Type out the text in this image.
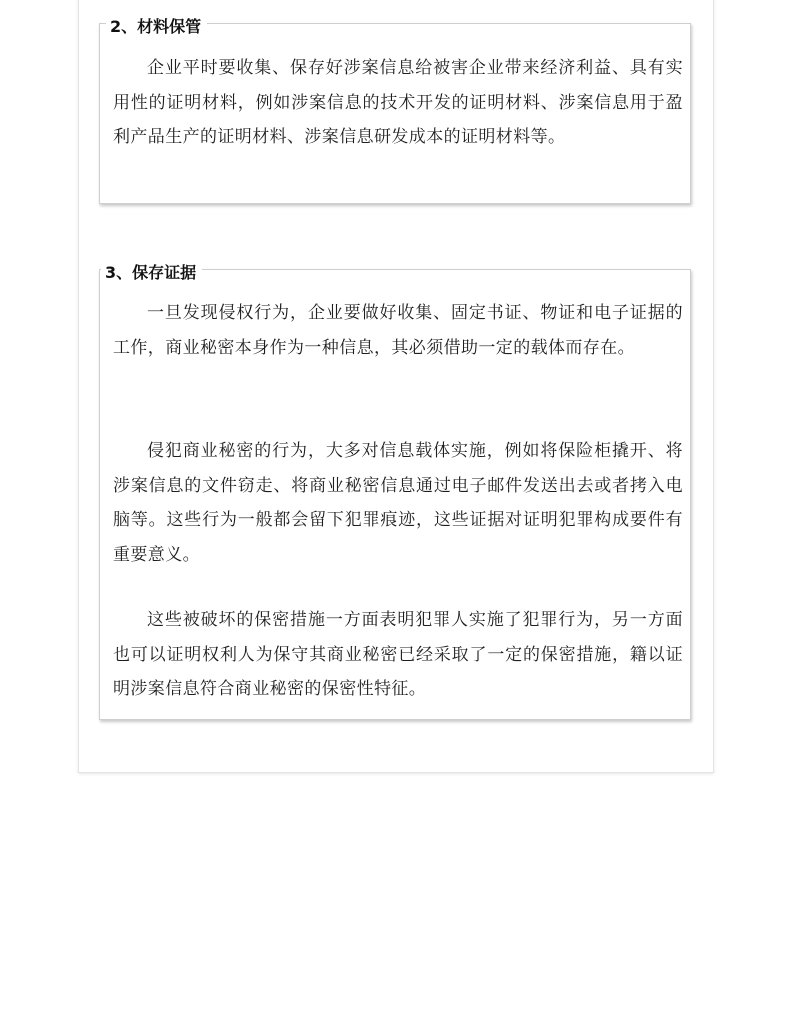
2、材料保管

企业平时要收集、保存好涉案信息给被害企业带来经济利益、具有实用性的证明材料，例如涉案信息的技术开发的证明材料、涉案信息用于盈利产品生产的证明材料、涉案信息研发成本的证明材料等。

3、保存证据

一旦发现侵权行为，企业要做好收集、固定书证、物证和电子证据的工作，商业秘密本身作为一种信息，其必须借助一定的载体而存在。

侵犯商业秘密的行为，大多对信息载体实施，例如将保险柜撬开、将涉案信息的文件窃走、将商业秘密信息通过电子邮件发送出去或者拷入电脑等。这些行为一般都会留下犯罪痕迹，这些证据对证明犯罪构成要件有重要意义。

这些被破坏的保密措施一方面表明犯罪人实施了犯罪行为，另一方面也可以证明权利人为保守其商业秘密已经采取了一定的保密措施，籍以证明涉案信息符合商业秘密的保密性特征。
